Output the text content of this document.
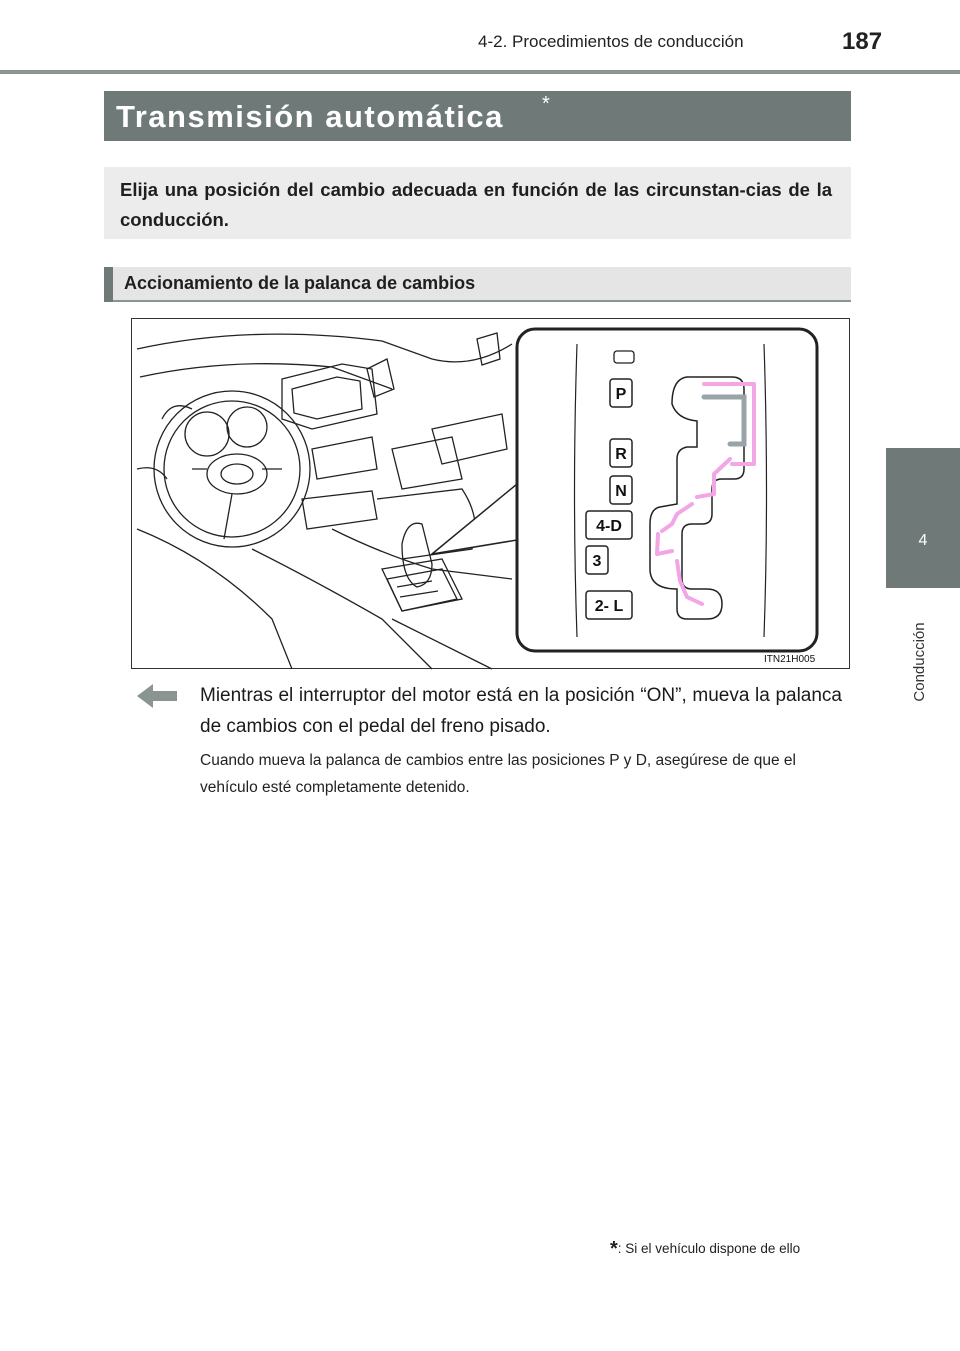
4-2. Procedimientos de conducción	187
4
Conducción
Transmisión automática *
Elija una posición del cambio adecuada en función de las circunstan-cias de la conducción.
Accionamiento de la palanca de cambios
P
R
N
4-D
3
2- L
ITN21H005
Mientras el interruptor del motor está en la posición “ON”, mueva la palanca de cambios con el pedal del freno pisado.
Cuando mueva la palanca de cambios entre las posiciones P y D, asegúrese de que el vehículo esté completamente detenido.
*: Si el vehículo dispone de ello
